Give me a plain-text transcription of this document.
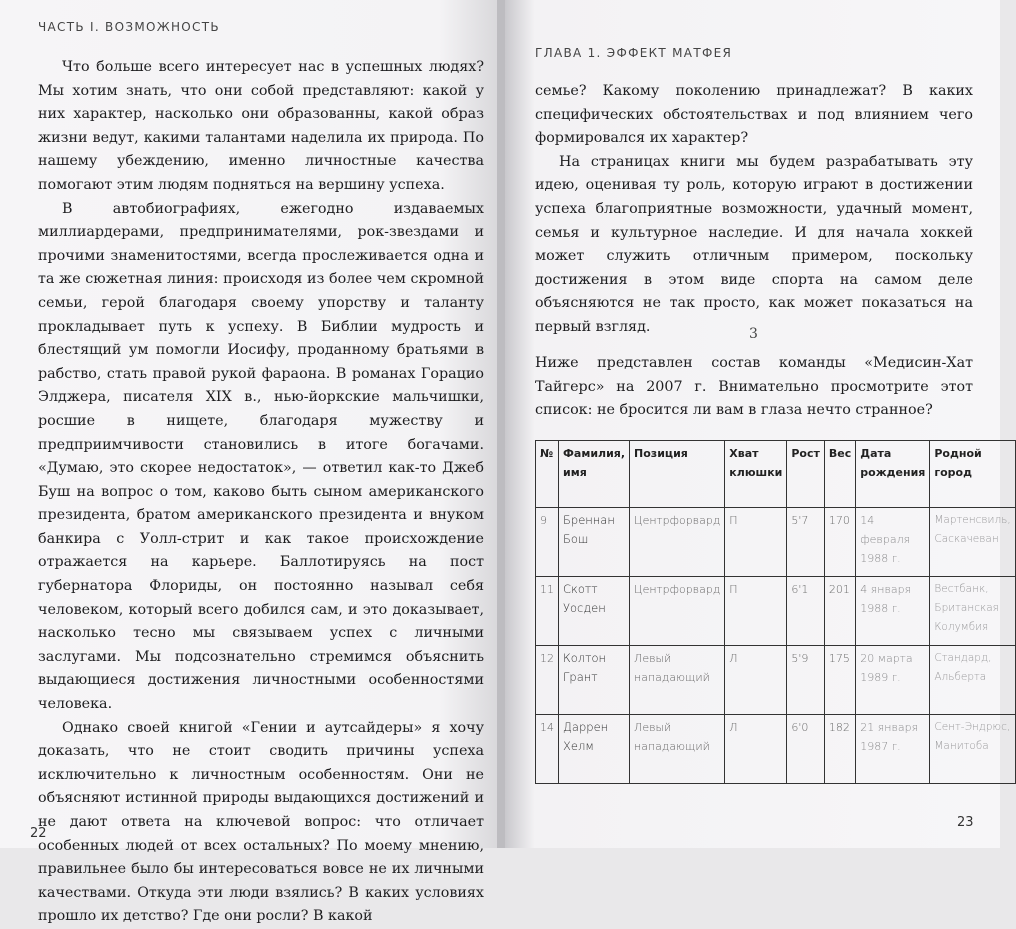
ЧАСТЬ I. ВОЗМОЖНОСТЬ

Что больше всего интересует нас в успешных людях? Мы хотим знать, что они собой представляют: какой у них характер, насколько они образованны, какой образ жизни ведут, какими талантами наделила их природа. По нашему убеждению, именно личностные качества помогают этим людям подняться на вершину успеха.

В автобиографиях, ежегодно издаваемых миллиардерами, предпринимателями, рок-звездами и прочими знаменитостями, всегда прослеживается одна и та же сюжетная линия: происходя из более чем скромной семьи, герой благодаря своему упорству и таланту прокладывает путь к успеху. В Библии мудрость и блестящий ум помогли Иосифу, проданному братьями в рабство, стать правой рукой фараона. В романах Горацио Элджера, писателя XIX в., нью-йоркские мальчишки, росшие в нищете, благодаря мужеству и предприимчивости становились в итоге богачами. «Думаю, это скорее недостаток», — ответил как-то Джеб Буш на вопрос о том, каково быть сыном американского президента, братом американского президента и внуком банкира с Уолл-стрит и как такое происхождение отражается на карьере. Баллотируясь на пост губернатора Флориды, он постоянно называл себя человеком, который всего добился сам, и это доказывает, насколько тесно мы связываем успех с личными заслугами. Мы подсознательно стремимся объяснить выдающиеся достижения личностными особенностями человека.

Однако своей книгой «Гении и аутсайдеры» я хочу доказать, что не стоит сводить причины успеха исключительно к личностным особенностям. Они не объясняют истинной природы выдающихся достижений и не дают ответа на ключевой вопрос: что отличает особенных людей от всех остальных? По моему мнению, правильнее было бы интересоваться вовсе не их личными качествами. Откуда эти люди взялись? В каких условиях прошло их детство? Где они росли? В какой

22
ГЛАВА 1. ЭФФЕКТ МАТФЕЯ

семье? Какому поколению принадлежат? В каких специфических обстоятельствах и под влиянием чего формировался их характер?

На страницах книги мы будем разрабатывать эту идею, оценивая ту роль, которую играют в достижении успеха благоприятные возможности, удачный момент, семья и культурное наследие. И для начала хоккей может служить отличным примером, поскольку достижения в этом виде спорта на самом деле объясняются не так просто, как может показаться на первый взгляд.	3

Ниже представлен состав команды «Медисин-Хат Тайгерс» на 2007 г. Внимательно просмотрите этот список: не бросится ли вам в глаза нечто странное?

№	Фамилия, имя	Позиция	Хват клюшки	Рост	Вес	Дата рождения	Родной город
9	Бреннан Бош	Центрфорвард	П	5'7	170	14 февраля 1988 г.	Мартенсвиль, Саскачеван
11	Скотт Уосден	Центрфорвард	П	6'1	201	4 января 1988 г.	Вестбанк, Британская Колумбия
12	Колтон Грант	Левый нападающий	Л	5'9	175	20 марта 1989 г.	Стандард, Альберта
14	Даррен Хелм	Левый нападающий	Л	6'0	182	21 января 1987 г.	Сент-Эндрюс, Манитоба
23
